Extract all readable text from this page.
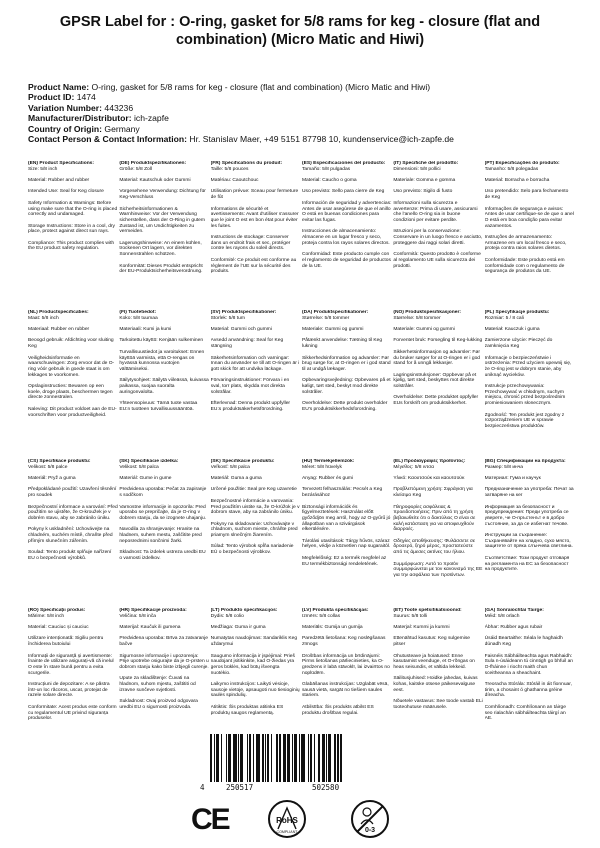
GPSR Label for : O-ring, gasket for 5/8 rams for keg - closure (flat and combination) (Micro Matic and Hiwi)
Product Name: O-ring, gasket for 5/8 rams for keg - closure (flat and combination) (Micro Matic and Hiwi)
Product ID: 1474
Variation Number: 443236
Manufacturer/Distributor: ich-zapfe
Country of Origin: Germany
Contact Person & Contact Information: Hr. Stanislav Maer, +49 5151 87798 10, kundenservice@ich-zapfe.de
(EN) Product Specifications:

Size: 5/8 inch

Material: Rubber and rubber

Intended Use: Seal for Keg closure

Safety Information & Warnings: Before using make sure that the O-ring is placed correctly and undamaged.

Storage Instructions: Store in a cool, dry place, protect against direct sun rays.

Compliance: This product complies with the EU product safety regulation.

(DE) Produktspezifikationen:

Größe: 5/8 Zoll

Material: Kautschuk oder Gummi

Vorgesehene Verwendung: Dichtung für Keg-Verschluss

Sicherheitsinformationen & Warnhinweise: Vor der Verwendung sicherstellen, dass der O-Ring in gutem Zustand ist, um Undichtigkeiten zu vermeiden.

Lagerungshinweise: An einem kühlen, trockenen Ort lagern, vor direkten Sonnenstrahlen schützen.

Konformität: Dieses Produkt entspricht der EU-Produktsicherheitsverordnung.

(FR) Spécifications du produit:

Taille: 5/8 pouces

Matériau: Caoutchouc

Utilisation prévue: Sceau pour fermeture de fût

Informations de sécurité et avertissements: Avant d'utiliser s'assurer que le joint O est en bon état pour éviter les fuites.

Instructions de stockage: Conserver dans un endroit frais et sec, protéger contre les rayons du soleil directs.

Conformité: Ce produit est conforme au règlement de l'UE sur la sécurité des produits.

(ES) Especificaciones del producto:

Tamaño: 5/8 pulgadas

Material: Caucho o goma

Uso previsto: Sello para cierre de Keg

Información de seguridad y advertencias: Antes de usar asegúrese de que el anillo O está en buenas condiciones para evitar las fugas.

Instrucciones de almacenamiento: Almacene en un lugar fresco y seco, proteja contra los rayos solares directos.

Conformidad: Este producto cumple con el reglamento de seguridad de productos de la UE.

(IT) Specifiche del prodotto:

Dimensioni: 5/8 pollici

Materiale: Gomma e gomma

Uso previsto: Sigilo di fusto

Informazioni sulla sicurezza e avvertenze: Prima di usare, assicurarsi che l'anello O-ring sia in buone condizioni per evitare perdite.

Istruzioni per la conservazione: Conservare in un luogo fresco e asciutto, proteggere dai raggi solari diretti.

Conformità: Questo prodotto è conforme al regolamento UE sulla sicurezza dei prodotti.

(PT) Especificações do produto:

Tamanho: 5/8 polegadas

Material: Borracha e borracha

Uso pretendido: Selo para fechamento de Keg

Informações de segurança e avisos: Antes de usar certifique-se de que o anel O está em boa condição para evitar vazamentos.

Instruções de armazenamento: Armazene em um local fresco e seco, proteja contra raios solares diretos.

Conformidade: Este produto está em conformidade com o regulamento de segurança de produtos da UE.

(NL) Productspecificaties:

Maat: 5/8 inch

Materiaal: Rubber en rubber

Beoogd gebruik: Afdichting voor sluiting Keg

Veiligheidsinformatie en waarschuwingen: Zorg ervoor dat de O-ring vóór gebruik in goede staat is om lekkages te voorkomen.

Opslaginstructies: Bewaren op een koele, droge plaats, beschermen tegen directe zonnestralen.

Naleving: Dit product voldoet aan de EU-voorschriften voor productveiligheid.

(FI) Tuotetiedot:

Koko: 5/8 tuumaa

Materiaali: Kumi ja kumi

Tarkoitettu käyttö: Kenjään sulkeminen

Turvallisuustiedot ja varoitukset: Ennen käyttöä varmista, että O-rengas on hyvässä kunnossa vuotojen välttämiseksi.

Säilytysohjeet: Säilytä viileässä, kuivassa paikassa, suojaa suoralta auringonvalolta.

Yhteensopivuus: Tämä tuote vastaa EU:n tuotteen turvallisuussääntöä.

(SV) Produktspecifikationer:

Storlek: 5/8 tum

Material: Gummi och gummi

Avsedd användning: Seal for Keg stängning

Säkerhetsinformation och varningar: Innan du använder se till att O-ringen är i gott skick för att undvika läckage.

Förvaringsinstruktioner: Förvara i en sval, torr plats, skydda mot direkta solstrålar.

Efterlevnad: Denna produkt uppfyller EU:s produktsäkerhetsförordning.

(DA) Produktspecifikationer:

Størrelse: 5/8 tommer

Materiale: Gummi og gummi

Påtænkt anvendelse: Tætning til Keg lukning

Sikkerhedsinformation og advarsler: Før brug sørge for, at O-ringen er i god stand til at undgå lækager.

Opbevaringsvejledning: Opbevares på et køligt, tørt sted, beskyt mod direkte solstråler.

Overholdelse: Dette produkt overholder EU's produktsikkerhedsforordning.

(NO) Produktspesifikasjoner:

Størrelse: 5/8 tommer

Materiale: Gummi og gummi

Forventet bruk: Forsegling til Keg-lukking

Sikkerhetsinformasjon og advarsler: Før du bruker sørger for at O-ringen er i god stand for å unngå lekkasjer.

Lagringsinstruksjoner: Oppbevar på et kjølig, tørt sted, beskyttes mot direkte solstråler.

Overholdelse: Dette produktet oppfyller EUs forskrift om produktsikkerhet.

(PL) Specyfikacje produktu:

Rozmiar: 5 / 8 cali

Materiał: Kauczuk i guma

Zamierzone użycie: Pieczęć do zamknięcia Keg

Informacje o bezpieczeństwie i ostrzeżenia: Przed użyciem upewnij się, że O-ring jest w dobrym stanie, aby uniknąć wycieków.

Instrukcje przechowywania: Przechowywać w chłodnym, suchym miejscu, chronić przed bezpośrednim promieniowaniem słonecznym.

Zgodność: Ten produkt jest zgodny z rozporządzeniem UE w sprawie bezpieczeństwa produktów.

(CS) Specifikace produktu:

Velikost: 5/8 palce

Materiál: Pryž a guma

Předpokládané použití: Uzavření těsnění pro soudek

Bezpečnostní informace a varování: Před použitím se ujistěte, že O-kroužek je v dobrém stavu, aby se zabránilo úniku.

Pokyny k uskladnění: Uchovávejte na chladném, suchém místě, chraňte před přímým slunečním zářením.

Soulad: Tento produkt splňuje nařízení EU o bezpečnosti výrobků.

(SK) Špecifikácie izdelka:

Velikost: 5/8 palca

Materiál: Gume in gume

Predvidena uporaba: Pečat za zapiranje s sodčkom

Varnostne informacije in opozorila: Pred uporabo se prepričajte, da je O-ring v dobrem stanju, da se izognete uhajanju.

Navodila za shranjevanje: Hranite na hladnem, suhem mestu, zaščitite pred neposrednimi sončnimi žarki.

Skladnost: Ta izdelek ustreza uredbi EU o varnosti izdelkov.

(SK) Špecifikácie produktu:

Veľkosť: 5/8 palca

Materiál: Guma a guma

Určené použitie: Seal pre Keg uzavretie

Bezpečnostné informácie a varovania: Pred použitím uistite sa, že O-krúžok je v dobrom stave, aby sa zabránilo úniku.

Pokyny na skladovanie: Uchovávajte v chladnom, suchom mieste, chráňte pred priamym slnečným žiarením.

Súlad: Tento výrobok spĺňa nariadenie EÚ o bezpečnosti výrobkov.

(HU) Termékjellemzők:

Méret: 5/8 hüvelyk

Anyag: Rubber és gumi

Tervezett felhasználás: Pecsét a Keg bezárásához

Biztonsági információk és figyelmeztetések: Használat előtt győződjön meg arról, hogy az O-gyűrű jó állapotban van a szivárgások elkerülésére.

Tárolási utasítások: Tárgy hűvös, száraz helyen, védje a közvetlen nap sugaraitól.

Megfelelőség: Ez a termék megfelel az EU termékbiztonsági rendeletének.

(EL) Προδιαγραφές προϊόντος:

Μέγεθος: 5/8 ιντσα

Υλικό: Καουτσούκ και καουτσούκ

Προβλεπόμενη χρήση: Σφράγιση για κλείσιμο Keg

Πληροφορίες ασφάλειας & προειδοποιήσεις: Πριν από τη χρήση βεβαιωθείτε ότι ο δακτύλιος O είναι σε καλή κατάσταση για να αποφευχθούν διαρροές.

Οδηγίες αποθήκευσης: Φυλάσσετε σε δροσερό, ξηρό μέρος, προστατεύστε από τις άμεσες ακτίνες του ήλιου.

Συμμόρφωση: Αυτό το προϊόν συμμορφώνεται με τον κανονισμό της ΕΕ για την ασφάλεια των προϊόντων.

(BG) Спецификации на продукта:

Размер: 5/8 инча

Материал: Гума и каучук

Предназначение за употреба: Печат за затваряне на кег

Информация за безопасност и предупреждения: Преди употреба се уверете, че О-пръстенът е в добро състояние, за да се избегнат течове.

Инструкции за съхранение: Съхранявайте на хладно, сухо място, защитете от пряка слънчева светлина.

Съответствие: Този продукт отговаря на регламента на ЕС за безопасност на продуктите.

(RO) Specificații produs:

Mărime: 5/8 inch

Material: Cauciuc și cauciuc

Utilizare intenționată: Sigiliu pentru închiderea butoiului

Informații de siguranță și avertismente: Înainte de utilizare asigurați-vă că inelul O este în stare bună pentru a evita scurgerile.

Instrucțiuni de depozitare: A se păstra într-un loc răcoros, uscat, protejat de razele solare directe.

Conformitate: Acest produs este conform cu regulamentul UE privind siguranța produselor.

(HR) Specifikacije proizvoda:

Veličina: 5/8 inča

Materijal: Kaučuk ili gumena

Predviđena uporaba: Brtva za zatvaranje bačve

Sigurnosne informacije i upozorenja: Prije upotrebe osigurajte da je O-prsten u dobrom stanju kako biste izbjegli curenje.

Upute za skladištenje: Čuvati na hladnom, suhom mjestu, zaštititi od izravne sunčeve svjetlosti.

Sukladnost: Ovaj proizvod odgovara uredbi EU o sigurnosti proizvoda.

(LT) Produkto specifikacijos:

Dydis: 5/8 colio

Medžiaga: Guma ir guma

Numatytas naudojimas: Sandariklis Keg uždarymui

Saugumo informacija ir įspėjimai: Prieš naudojant įsitikinkite, kad O-žiedas yra geros būklės, kad būtų išvengta nuotėkio.

Laikymo instrukcijos: Laikyti vėsioje, sausoje vietoje, apsaugoti nuo tiesioginių saulės spindulių.

Atitiktis: Šis produktas atitinka ES produktų saugos reglamentą.

(LV) Produkta specifikācijas:

Izmērs: 5/8 collas

Materiāls: Gumija un gumija

Paredzētā lietošana: Keg noslēgšanas zīmogs

Drošības informācija un brīdinājumi: Pirms lietošanas pārliecinieties, ka O-gredzens ir labā stāvoklī, lai izvairītos no noplūdēm.

Glabāšanas instrukcijas: Uzglabāt vēsā, sausā vietā, sargāt no tiešiem saules stariem.

Atbilstība: Šis produkts atbilst ES produktu drošības regulai.

(ET) Toote spetsifikatsioonid:

Suurus: 5/8 tolli

Materjal: Kummi ja kummi

Ettenähtud kasutus: Keg sulgemise pitser

Ohutusteave ja hoiatused: Enne kasutamist veenduge, et O-rõngas on heas seisundis, et vältida lekkeid.

Säilitusjuhised: Hoidke jahedas, kuivas kohas, kaitske otsese päikesevalguse eest.

Nõuetele vastavus: See toode vastab ELi tooteohutuse määrusele.

(GA) Sonraíochtaí Táirge:

Méid: 5/8 orlach

Ábhar: Rubber agus rubair

Úsáid Beartaithe: Séala le haghaidh dúnadh Keg

Faisnéis Sábháilteachta agus Rabhaidh: Sula n-úsáideann tú cinntigh go bhfuil an O-fháinne i riocht maith chun sceitheanna a sheachaint.

Treoracha Stórála: Stóráil in áit fionnuar, tirim, a chosaint ó ghathanna gréine díreacha.

Comhlíonadh: Comhlíonann an táirge seo rialachán sábháilteachta táirgí an AE.

4	250517	502580
CE	RoHS
COMPLIANT	0-3
